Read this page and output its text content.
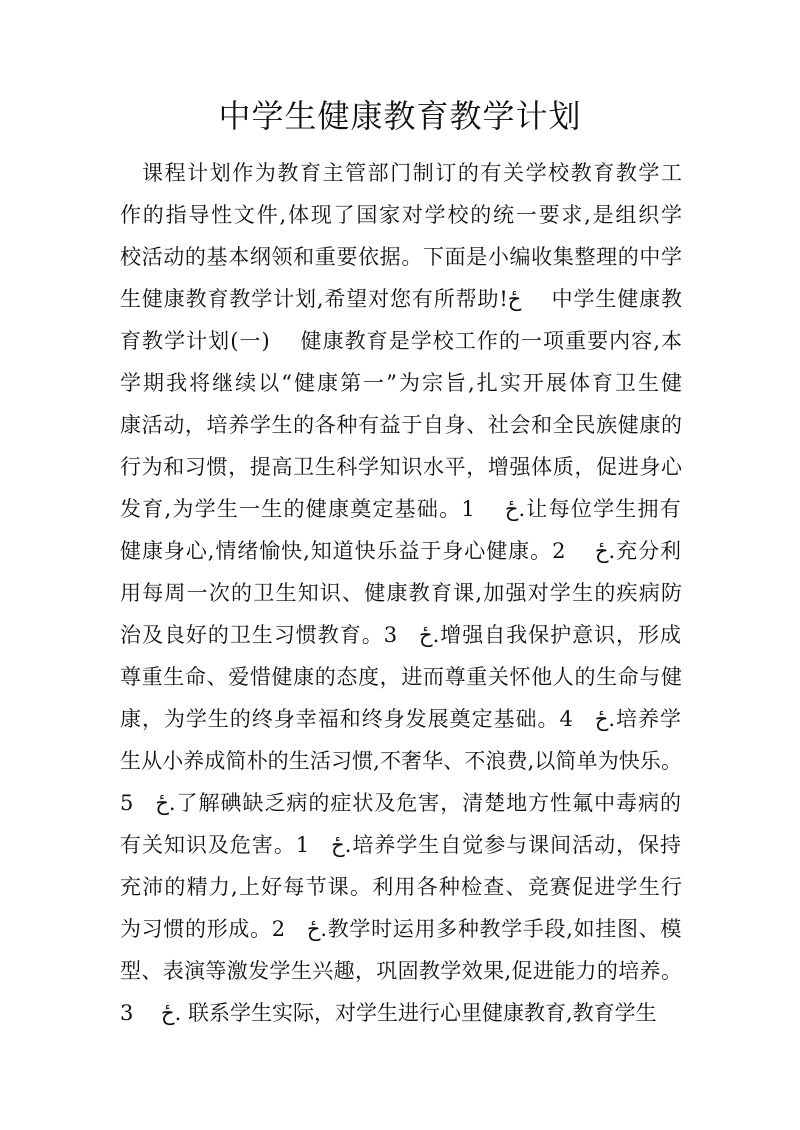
中学生健康教育教学计划
课程计划作为教育主管部门制订的有关学校教育教学工
作的指导性文件,体现了国家对学校的统一要求,是组织学
校活动的基本纲领和重要依据。下面是小编收集整理的中学
生健康教育教学计划,希望对您有所帮助!ځ　 中学生健康教
育教学计划(一)　 健康教育是学校工作的一项重要内容,本
学期我将继续以“健康第一”为宗旨,扎实开展体育卫生健
康活动，培养学生的各种有益于自身、社会和全民族健康的
行为和习惯，提高卫生科学知识水平，增强体质，促进身心
发育,为学生一生的健康奠定基础。ځ　 1.让每位学生拥有
健康身心,情绪愉快,知道快乐益于身心健康。ځ　 2.充分利
用每周一次的卫生知识、健康教育课,加强对学生的疾病防
治及良好的卫生习惯教育。ځ　3.增强自我保护意识，形成
尊重生命、爱惜健康的态度，进而尊重关怀他人的生命与健
康，为学生的终身幸福和终身发展奠定基础。ځ　4.培养学
生从小养成简朴的生活习惯,不奢华、不浪费,以简单为快乐。
ځ　5.了解碘缺乏病的症状及危害，清楚地方性氟中毒病的
有关知识及危害。ځ　1.培养学生自觉参与课间活动，保持
充沛的精力,上好每节课。利用各种检查、竞赛促进学生行
为习惯的形成。ځ　2.教学时运用多种教学手段,如挂图、模
型、表演等激发学生兴趣，巩固教学效果,促进能力的培养。
ځ　 3. 联系学生实际，对学生进行心里健康教育,教育学生
